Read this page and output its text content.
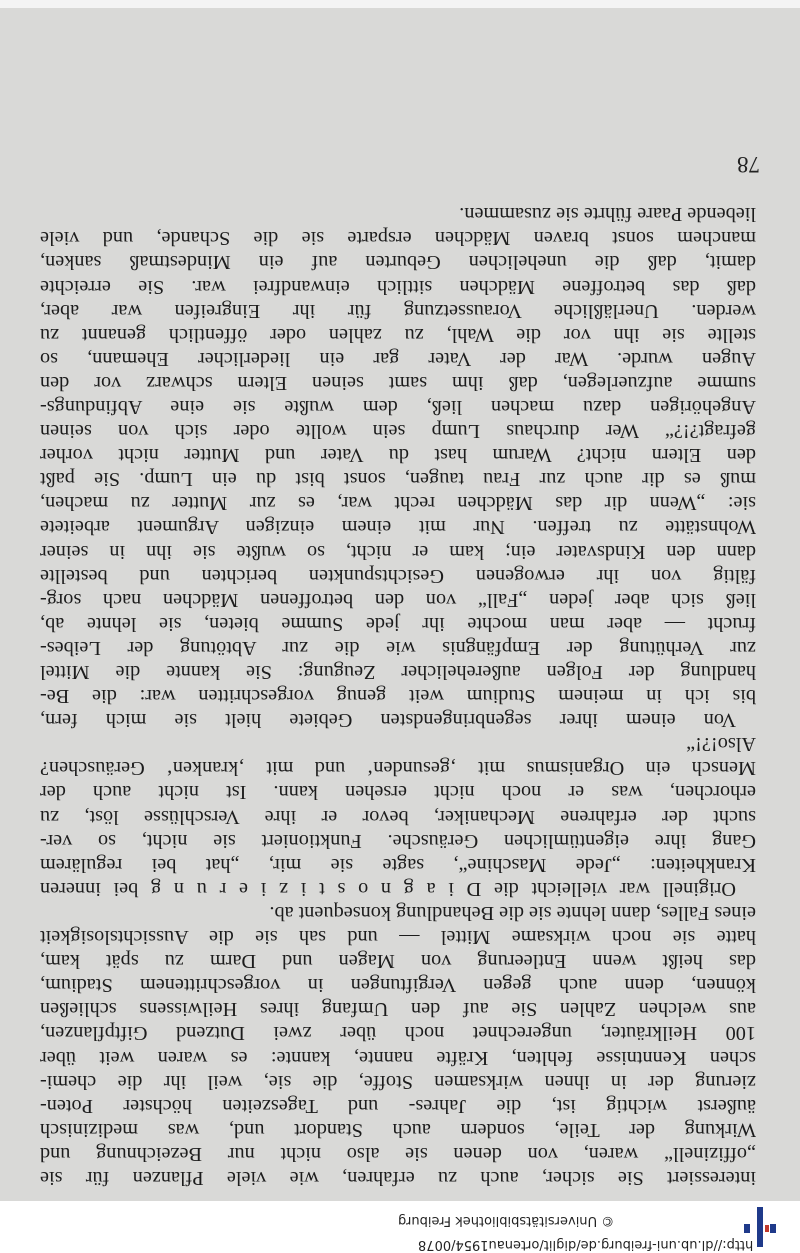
http://dl.ub.uni-freiburg.de/diglit/ortenau1954/0078
© Universitätsbibliothek Freiburg
78
interessiert Sie sicher, auch zu erfahren, wie viele Pflanzen für sie
„offizinell“ waren, von denen sie also nicht nur Bezeichnung und
Wirkung der Teile, sondern auch Standort und, was medizinisch
äußerst wichtig ist, die Jahres- und Tageszeiten höchster Poten-
zierung der in ihnen wirksamen Stoffe, die sie, weil ihr die chemi-
schen Kenntnisse fehlten, Kräfte nannte, kannte: es waren weit über
100 Heilkräuter, ungerechnet noch über zwei Dutzend Giftpflanzen,
aus welchen Zahlen Sie auf den Umfang ihres Heilwissens schließen
können, denn auch gegen Vergiftungen in vorgeschrittenem Stadium,
das heißt wenn Entleerung von Magen und Darm zu spät kam,
hatte sie noch wirksame Mittel — und sah sie die Aussichtslosigkeit
eines Falles, dann lehnte sie die Behandlung konsequent ab.
Originell war vielleicht die D i a g n o s t i z i e r u n g bei inneren
Krankheiten: „Jede Maschine“, sagte sie mir, „hat bei regulärem
Gang ihre eigentümlichen Geräusche. Funktioniert sie nicht, so ver-
sucht der erfahrene Mechaniker, bevor er ihre Verschlüsse löst, zu
erhorchen, was er noch nicht ersehen kann. Ist nicht auch der
Mensch ein Organismus mit ‚gesunden‘ und mit ‚kranken‘ Geräuschen?
Also!?!“
Von einem ihrer segenbringendsten Gebiete hielt sie mich fern,
bis ich in meinem Studium weit genug vorgeschritten war: die Be-
handlung der Folgen außerehelicher Zeugung: Sie kannte die Mittel
zur Verhütung der Empfängnis wie die zur Abtötung der Leibes-
frucht — aber man mochte ihr jede Summe bieten, sie lehnte ab,
ließ sich aber jeden „Fall“ von den betroffenen Mädchen nach sorg-
fältig von ihr erwogenen Gesichtspunkten berichten und bestellte
dann den Kindsvater ein; kam er nicht, so wußte sie ihn in seiner
Wohnstätte zu treffen. Nur mit einem einzigen Argument arbeitete
sie: „Wenn dir das Mädchen recht war, es zur Mutter zu machen,
muß es dir auch zur Frau taugen, sonst bist du ein Lump. Sie paßt
den Eltern nicht? Warum hast du Vater und Mutter nicht vorher
gefragt?!?“ Wer durchaus Lump sein wollte oder sich von seinen
Angehörigen dazu machen ließ, dem wußte sie eine Abfindungs-
summe aufzuerlegen, daß ihm samt seinen Eltern schwarz vor den
Augen wurde. War der Vater gar ein liederlicher Ehemann, so
stellte sie ihn vor die Wahl, zu zahlen oder öffentlich genannt zu
werden. Unerläßliche Voraussetzung für ihr Eingreifen war aber,
daß das betroffene Mädchen sittlich einwandfrei war. Sie erreichte
damit, daß die unehelichen Geburten auf ein Mindestmaß sanken,
manchem sonst braven Mädchen ersparte sie die Schande, und viele
liebende Paare führte sie zusammen.
